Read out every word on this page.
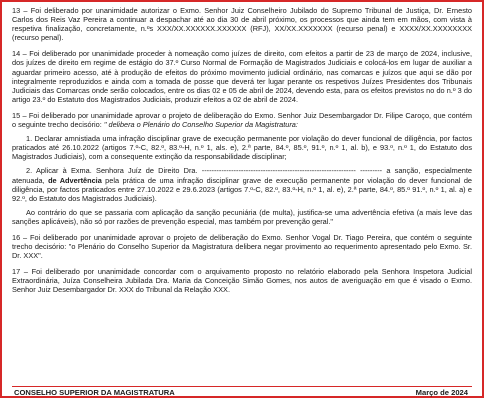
13 – Foi deliberado por unanimidade autorizar o Exmo. Senhor Juiz Conselheiro Jubilado do Supremo Tribunal de Justiça, Dr. Ernesto Carlos dos Reis Vaz Pereira a continuar a despachar até ao dia 30 de abril próximo, os processos que ainda tem em mãos, com vista à respetiva finalização, concretamente, n.ºs XXX/XX.XXXXXX.XXXXXX (RFJ), XX/XX.XXXXXXX (recurso penal) e XXXX/XX.XXXXXXXX (recurso penal).

14 – Foi deliberado por unanimidade proceder à nomeação como juízes de direito, com efeitos a partir de 23 de março de 2024, inclusive, dos juízes de direito em regime de estágio do 37.º Curso Normal de Formação de Magistrados Judiciais e colocá-los em lugar de auxiliar a aguardar primeiro acesso, até à produção de efeitos do próximo movimento judicial ordinário, nas comarcas e juízos que aqui se dão por integralmente reproduzidos e ainda com a tomada de posse que deverá ter lugar perante os respetivos Juízes Presidentes dos Tribunais Judiciais das Comarcas onde serão colocados, entre os dias 02 e 05 de abril de 2024, devendo esta, para os efeitos previstos no do n.º 3 do artigo 23.º do Estatuto dos Magistrados Judiciais, produzir efeitos a 02 de abril de 2024.

15 – Foi deliberado por unanimidade aprovar o projeto de deliberação do Exmo. Senhor Juiz Desembargador Dr. Filipe Caroço, que contém o seguinte trecho decisório: " delibera o Plenário do Conselho Superior da Magistratura:

1. Declarar amnistiada uma infração disciplinar grave de execução permanente por violação do dever funcional de diligência, por factos praticados até 26.10.2022 (artigos 7.º-C, 82.º, 83.º-H, n.º 1, als. e), 2.ª parte, 84.º, 85.º, 91.º, n.º 1, al. b), e 93.º, n.º 1, do Estatuto dos Magistrados Judiciais), com a consequente extinção da responsabilidade disciplinar;

2. Aplicar à Exma. Senhora Juíz de Direito Dra. --------------------------------------------------------------- --------- a sanção, especialmente atenuada, de Advertência pela prática de uma infração disciplinar grave de execução permanente por violação do dever funcional de diligência, por factos praticados entre 27.10.2022 e 29.6.2023 (artigos 7.º-C, 82.º, 83.º-H, n.º 1, al. e), 2.ª parte, 84.º, 85.º 91.º, n.º 1, al. a) e 92.º, do Estatuto dos Magistrados Judiciais).

Ao contrário do que se passaria com aplicação da sanção pecuniária (de multa), justifica-se uma advertência efetiva (a mais leve das sanções aplicáveis), não só por razões de prevenção especial, mas também por prevenção geral."

16 – Foi deliberado por unanimidade aprovar o projeto de deliberação do Exmo. Senhor Vogal Dr. Tiago Pereira, que contém o seguinte trecho decisório: "o Plenário do Conselho Superior da Magistratura delibera negar provimento ao requerimento apresentado pelo Exmo. Sr. Dr. XXX".

17 – Foi deliberado por unanimidade concordar com o arquivamento proposto no relatório elaborado pela Senhora Inspetora Judicial Extraordinária, Juíza Conselheira Jubilada Dra. Maria da Conceição Simão Gomes, nos autos de averiguação em que é visado o Exmo. Senhor Juiz Desembargador Dr. XXX do Tribunal da Relação XXX.

CONSELHO SUPERIOR DA MAGISTRATURA	Março de 2024
